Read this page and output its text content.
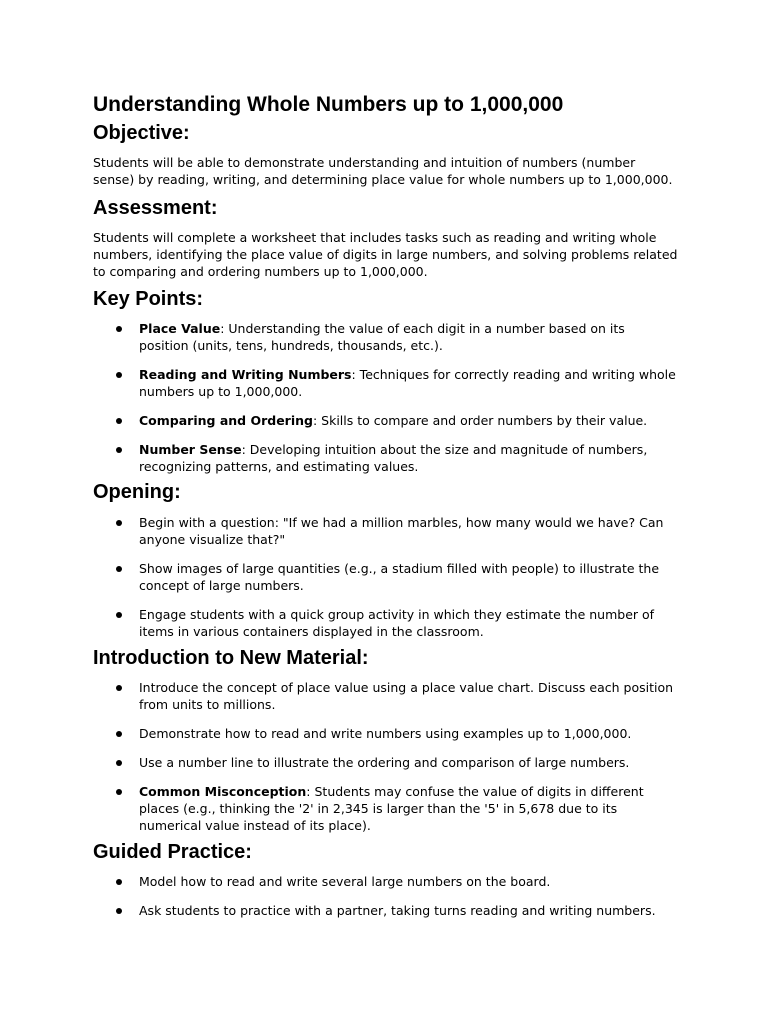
Understanding Whole Numbers up to 1,000,000
Objective:

Students will be able to demonstrate understanding and intuition of numbers (number sense) by reading, writing, and determining place value for whole numbers up to 1,000,000.

Assessment:

Students will complete a worksheet that includes tasks such as reading and writing whole numbers, identifying the place value of digits in large numbers, and solving problems related to comparing and ordering numbers up to 1,000,000.

Key Points:
Place Value: Understanding the value of each digit in a number based on its position (units, tens, hundreds, thousands, etc.).
Reading and Writing Numbers: Techniques for correctly reading and writing whole numbers up to 1,000,000.
Comparing and Ordering: Skills to compare and order numbers by their value.
Number Sense: Developing intuition about the size and magnitude of numbers, recognizing patterns, and estimating values.
Opening:
Begin with a question: "If we had a million marbles, how many would we have? Can anyone visualize that?"
Show images of large quantities (e.g., a stadium filled with people) to illustrate the concept of large numbers.
Engage students with a quick group activity in which they estimate the number of items in various containers displayed in the classroom.
Introduction to New Material:
Introduce the concept of place value using a place value chart. Discuss each position from units to millions.
Demonstrate how to read and write numbers using examples up to 1,000,000.
Use a number line to illustrate the ordering and comparison of large numbers.
Common Misconception: Students may confuse the value of digits in different places (e.g., thinking the '2' in 2,345 is larger than the '5' in 5,678 due to its numerical value instead of its place).
Guided Practice:
Model how to read and write several large numbers on the board.
Ask students to practice with a partner, taking turns reading and writing numbers.
